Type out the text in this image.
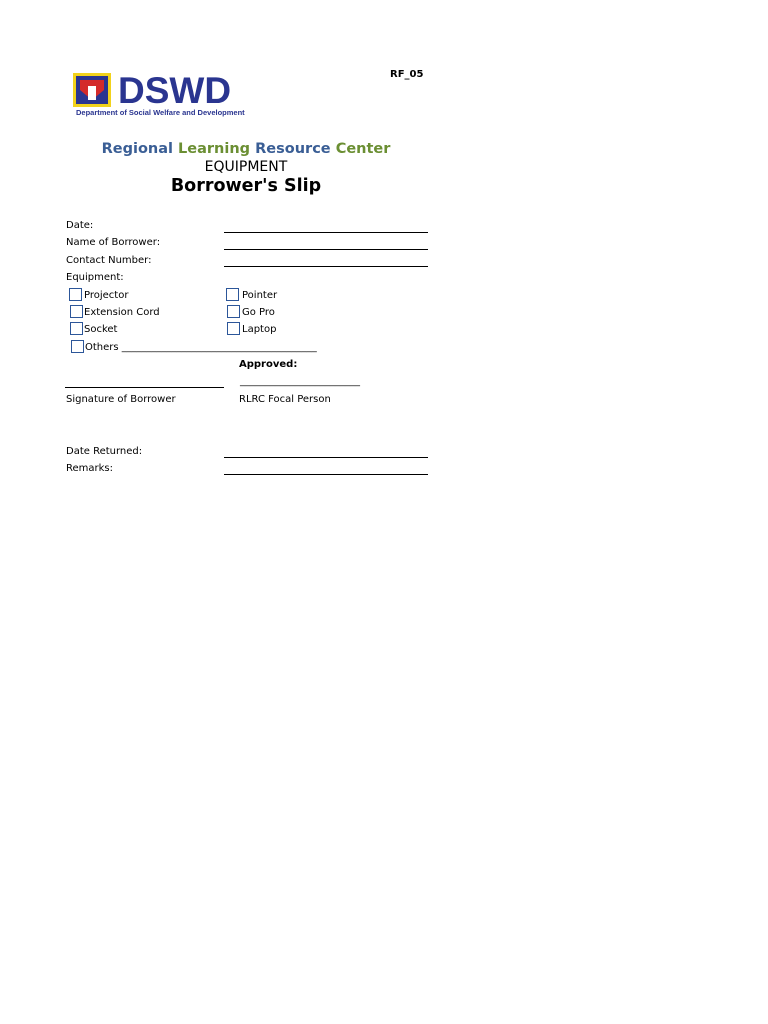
DSWD
Department of Social Welfare and Development
RF_05
Regional Learning Resource Center
EQUIPMENT
Borrower's Slip
Date:
Name of Borrower:
Contact Number:
Equipment:
Projector	Pointer
Extension Cord	Go Pro
Socket	Laptop
Others _______________________________________
Approved:
________________________
Signature of Borrower	RLRC Focal Person
Date Returned:
Remarks:
